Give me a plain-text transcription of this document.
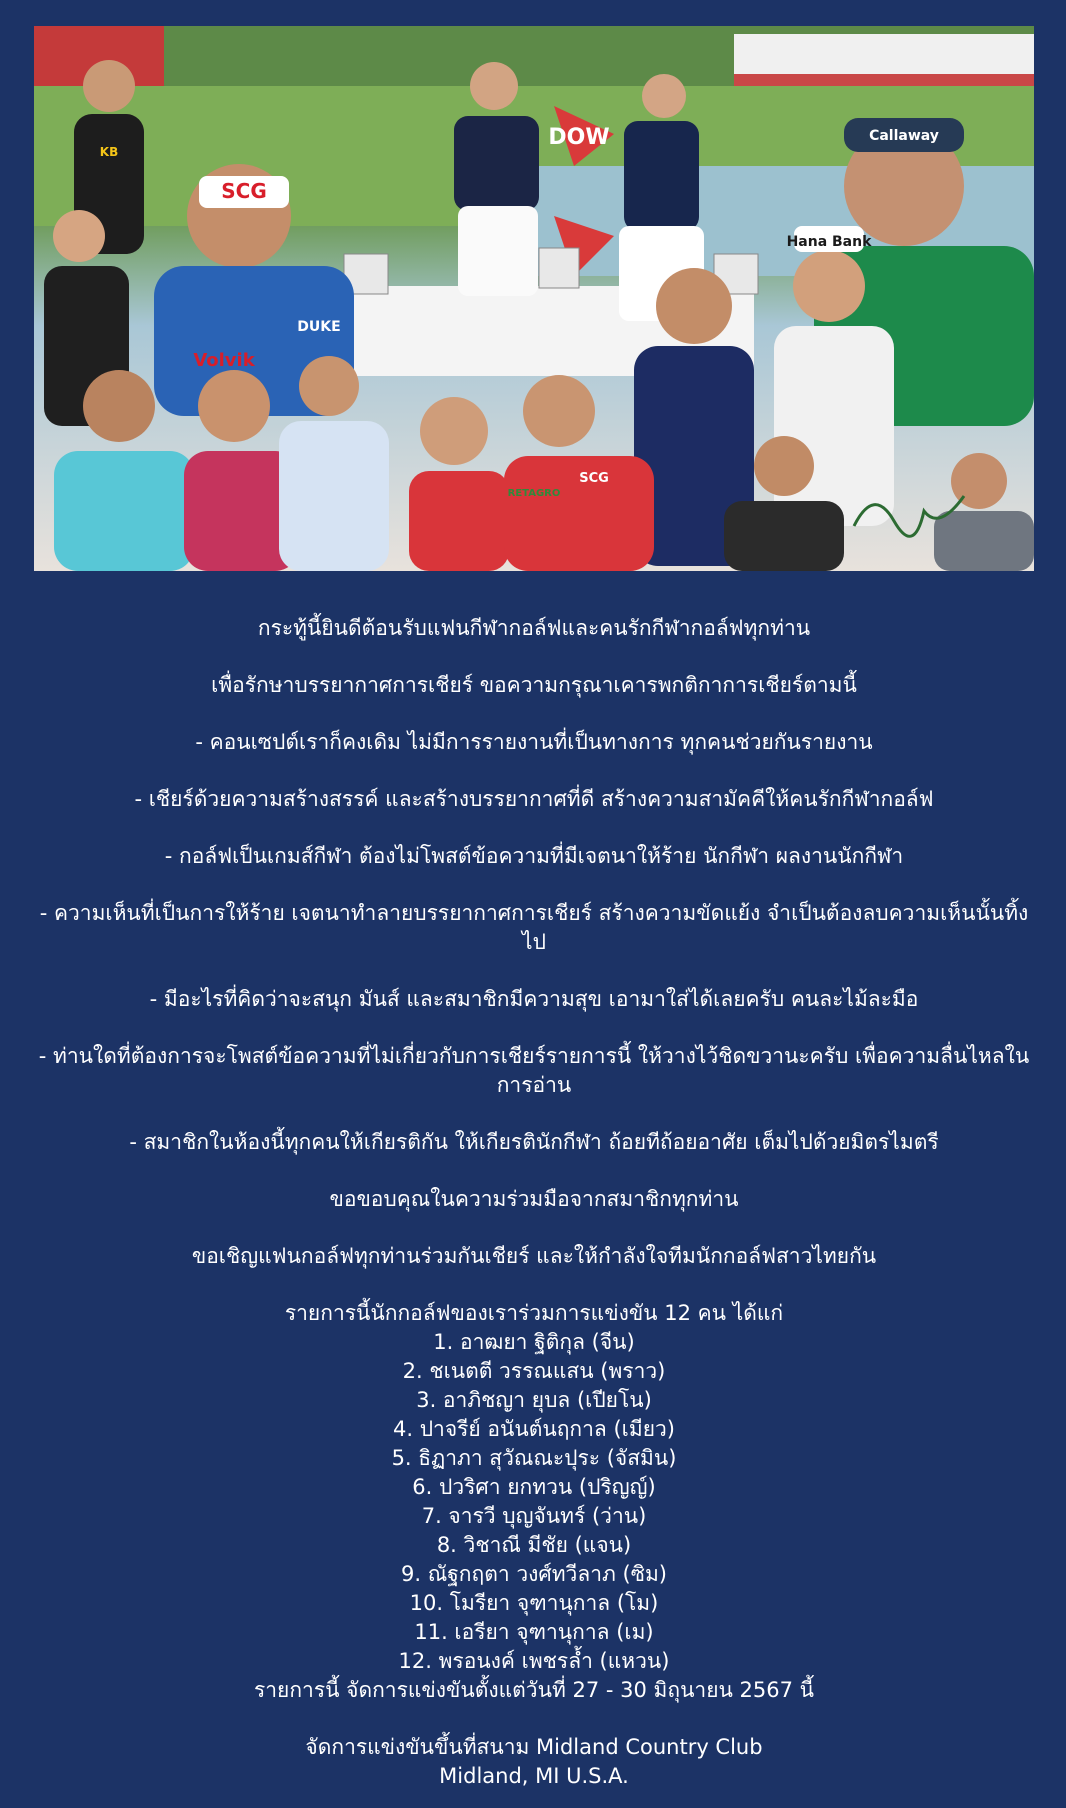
SCG
Volvik
DUKE
Hana Bank
Callaway
KB
DOW
SCG
RETAGRO

กระทู้นี้ยินดีต้อนรับแฟนกีฬากอล์ฟและคนรักกีฬากอล์ฟทุกท่าน

เพื่อรักษาบรรยากาศการเชียร์ ขอความกรุณาเคารพกติกาการเชียร์ตามนี้

- คอนเซปต์เราก็คงเดิม ไม่มีการรายงานที่เป็นทางการ ทุกคนช่วยกันรายงาน

- เชียร์ด้วยความสร้างสรรค์ และสร้างบรรยากาศที่ดี สร้างความสามัคคีให้คนรักกีฬากอล์ฟ

- กอล์ฟเป็นเกมส์กีฬา ต้องไม่โพสต์ข้อความที่มีเจตนาให้ร้าย นักกีฬา ผลงานนักกีฬา

- ความเห็นที่เป็นการให้ร้าย เจตนาทำลายบรรยากาศการเชียร์ สร้างความขัดแย้ง จำเป็นต้องลบความเห็นนั้นทิ้งไป

- มีอะไรที่คิดว่าจะสนุก มันส์ และสมาชิกมีความสุข เอามาใส่ได้เลยครับ คนละไม้ละมือ

- ท่านใดที่ต้องการจะโพสต์ข้อความที่ไม่เกี่ยวกับการเชียร์รายการนี้ ให้วางไว้ชิดขวานะครับ เพื่อความลื่นไหลในการอ่าน

- สมาชิกในห้องนี้ทุกคนให้เกียรติกัน ให้เกียรตินักกีฬา ถ้อยทีถ้อยอาศัย เต็มไปด้วยมิตรไมตรี

ขอขอบคุณในความร่วมมือจากสมาชิกทุกท่าน

ขอเชิญแฟนกอล์ฟทุกท่านร่วมกันเชียร์ และให้กำลังใจทีมนักกอล์ฟสาวไทยกัน

รายการนี้นักกอล์ฟของเราร่วมการแข่งขัน 12 คน ได้แก่

1. อาฒยา ฐิติกุล (จีน)
2. ชเนตตี วรรณแสน (พราว)
3. อาภิชญา ยุบล (เปียโน)
4. ปาจรีย์ อนันต์นฤกาล (เมียว)
5. ธิฏาภา สุวัณณะปุระ (จัสมิน)
6. ปวริศา ยกทวน (ปริญญ์)
7. จารวี บุญจันทร์ (ว่าน)
8. วิชาณี มีชัย (แจน)
9. ณัฐกฤตา วงศ์ทวีลาภ (ซิม)
10. โมรียา จุฑานุกาล (โม)
11. เอรียา จุฑานุกาล (เม)
12. พรอนงค์ เพชรล้ำ (แหวน)

รายการนี้ จัดการแข่งขันตั้งแต่วันที่ 27 - 30 มิถุนายน 2567 นี้

จัดการแข่งขันขึ้นที่สนาม Midland Country Club

Midland, MI U.S.A.
